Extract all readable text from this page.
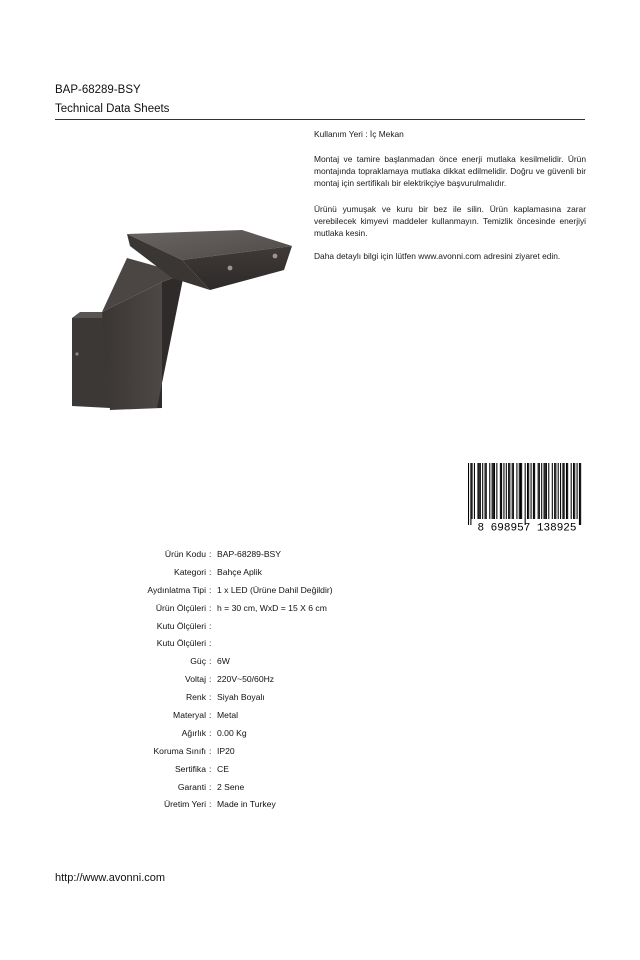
BAP-68289-BSY
Technical Data Sheets

Kullanım Yeri : İç Mekan

Montaj ve tamire başlanmadan önce enerji mutlaka kesilmelidir. Ürün montajında topraklamaya mutlaka dikkat edilmelidir. Doğru ve güvenli bir montaj için sertifikalı bir elektrikçiye başvurulmalıdır.

Ürünü yumuşak ve kuru bir bez ile silin. Ürün kaplamasına zarar verebilecek kimyevi maddeler kullanmayın. Temizlik öncesinde enerjiyi mutlaka kesin.

Daha detaylı bilgi için lütfen www.avonni.com adresini ziyaret edin.

8 698957 138925
Ürün Kodu : BAP-68289-BSY
Kategori : Bahçe Aplik
Aydınlatma Tipi : 1 x LED (Ürüne Dahil Değildir)
Ürün Ölçüleri : h = 30 cm, WxD = 15 X 6 cm
Kutu Ölçüleri :
Kutu Ölçüleri :
Güç : 6W
Voltaj : 220V~50/60Hz
Renk : Siyah Boyalı
Materyal : Metal
Ağırlık : 0.00 Kg
Koruma Sınıfı : IP20
Sertifika : CE
Garanti : 2 Sene
Üretim Yeri : Made in Turkey
http://www.avonni.com
